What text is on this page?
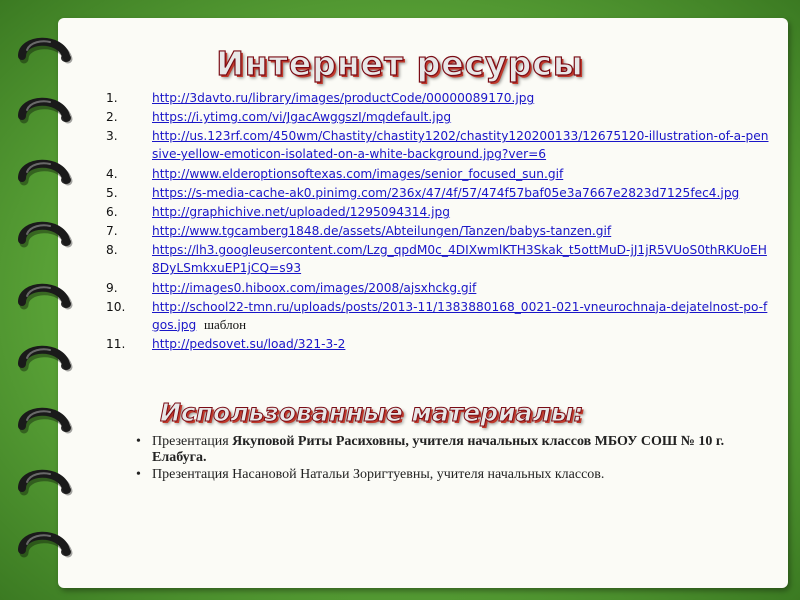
Интернет ресурсы
1.	http://3davto.ru/library/images/productCode/00000089170.jpg
2.	https://i.ytimg.com/vi/JgacAwggszI/mqdefault.jpg
3.	http://us.123rf.com/450wm/Chastity/chastity1202/chastity120200133/12675120-illustration-of-a-pensive-yellow-emoticon-isolated-on-a-white-background.jpg?ver=6
4.	http://www.elderoptionsoftexas.com/images/senior_focused_sun.gif
5.	https://s-media-cache-ak0.pinimg.com/236x/47/4f/57/474f57baf05e3a7667e2823d7125fec4.jpg
6.	http://graphichive.net/uploaded/1295094314.jpg
7.	http://www.tgcamberg1848.de/assets/Abteilungen/Tanzen/babys-tanzen.gif
8.	https://lh3.googleusercontent.com/Lzg_qpdM0c_4DIXwmlKTH3Skak_t5ottMuD-jJ1jR5VUoS0thRKUoEH8DyLSmkxuEP1jCQ=s93
9.	http://images0.hiboox.com/images/2008/ajsxhckg.gif
10.	http://school22-tmn.ru/uploads/posts/2013-11/1383880168_0021-021-vneurochnaja-dejatelnost-po-fgos.jpg шаблон
11.	http://pedsovet.su/load/321-3-2
Использованные материалы:
• Презентация Якуповой Риты Расиховны, учителя начальных классов МБОУ СОШ № 10 г. Елабуга.
• Презентация Насановой Натальи Зоригтуевны, учителя начальных классов.
